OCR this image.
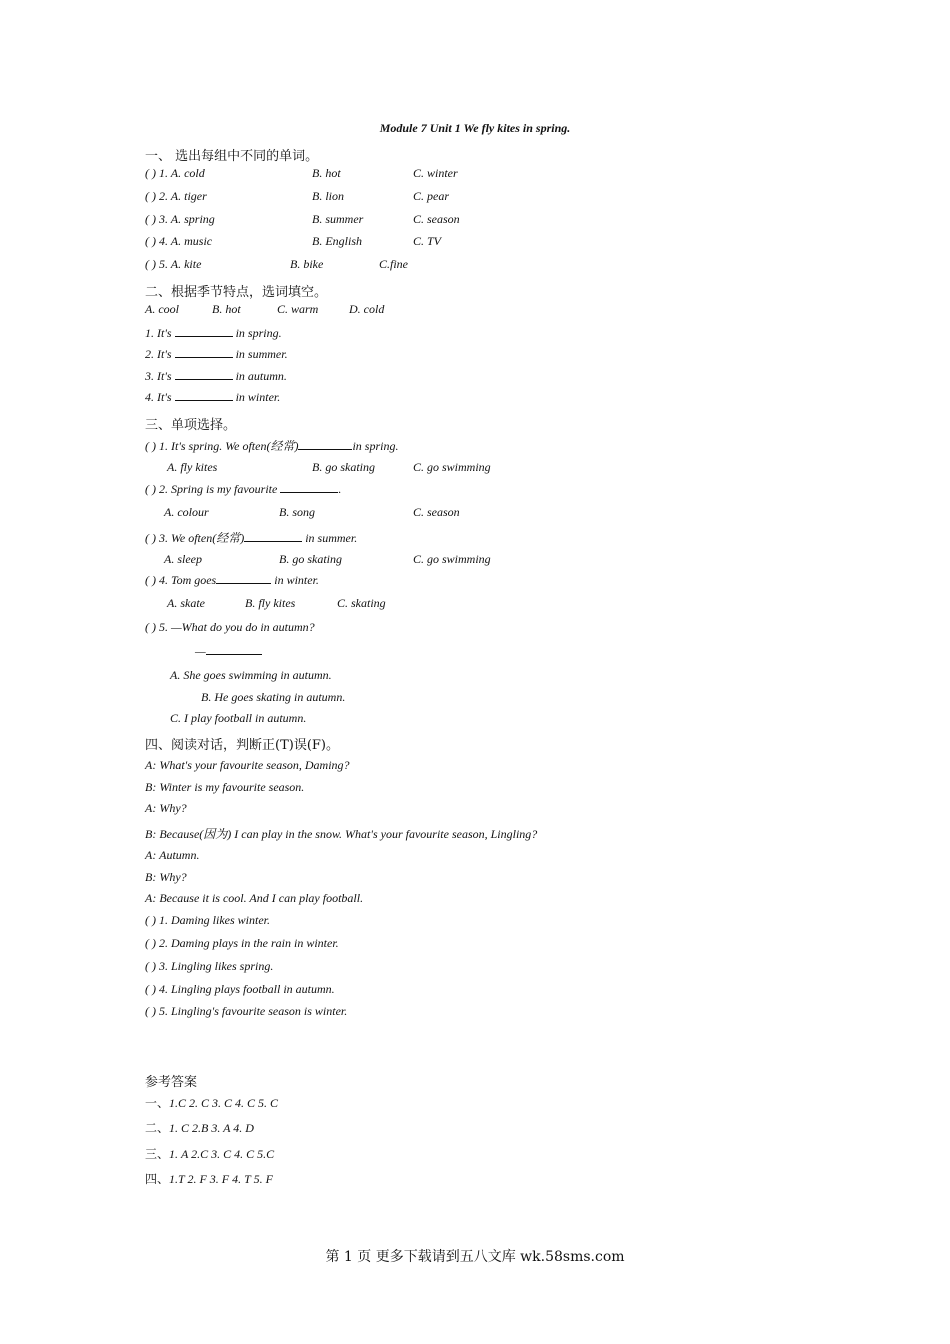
Module 7 Unit 1 We fly kites in spring.
一、 选出每组中不同的单词。
( ) 1. A. cold	B. hot	C. winter
( ) 2. A. tiger	B. lion	C. pear
( ) 3. A. spring	B. summer	C. season
( ) 4. A. music	B. English	C. TV
( ) 5. A. kite	B. bike	C.fine
二、根据季节特点，选词填空。
A. cool	B. hot	C. warm	D. cold
1. It's	in spring.
2. It's	in summer.
3. It's	in autumn.
4. It's	in winter.
三、单项选择。
( ) 1. It's spring. We often(经常)	in spring.
A. fly kites	B. go skating	C. go swimming
( ) 2. Spring is my favourite	.
A. colour	B. song	C. season
( ) 3. We often(经常)	in summer.
A. sleep	B. go skating	C. go swimming
( ) 4. Tom goes	in winter.
A. skate	B. fly kites	C. skating
( ) 5. —What do you do in autumn?
—
A. She goes swimming in autumn.
B. He goes skating in autumn.
C. I play football in autumn.
四、阅读对话，判断正(T)误(F)。
A: What's your favourite season, Daming?
B: Winter is my favourite season.
A: Why?
B: Because(因为) I can play in the snow. What's your favourite season, Lingling?
A: Autumn.
B: Why?
A: Because it is cool. And I can play football.
( ) 1. Daming likes winter.
( ) 2. Daming plays in the rain in winter.
( ) 3. Lingling likes spring.
( ) 4. Lingling plays football in autumn.
( ) 5. Lingling's favourite season is winter.
参考答案
一、1.C 2. C 3. C 4. C 5. C
二、1. C 2.B 3. A 4. D
三、1. A 2.C 3. C 4. C 5.C
四、1.T 2. F 3. F 4. T 5. F
第 1 页 更多下载请到五八文库 wk.58sms.com
